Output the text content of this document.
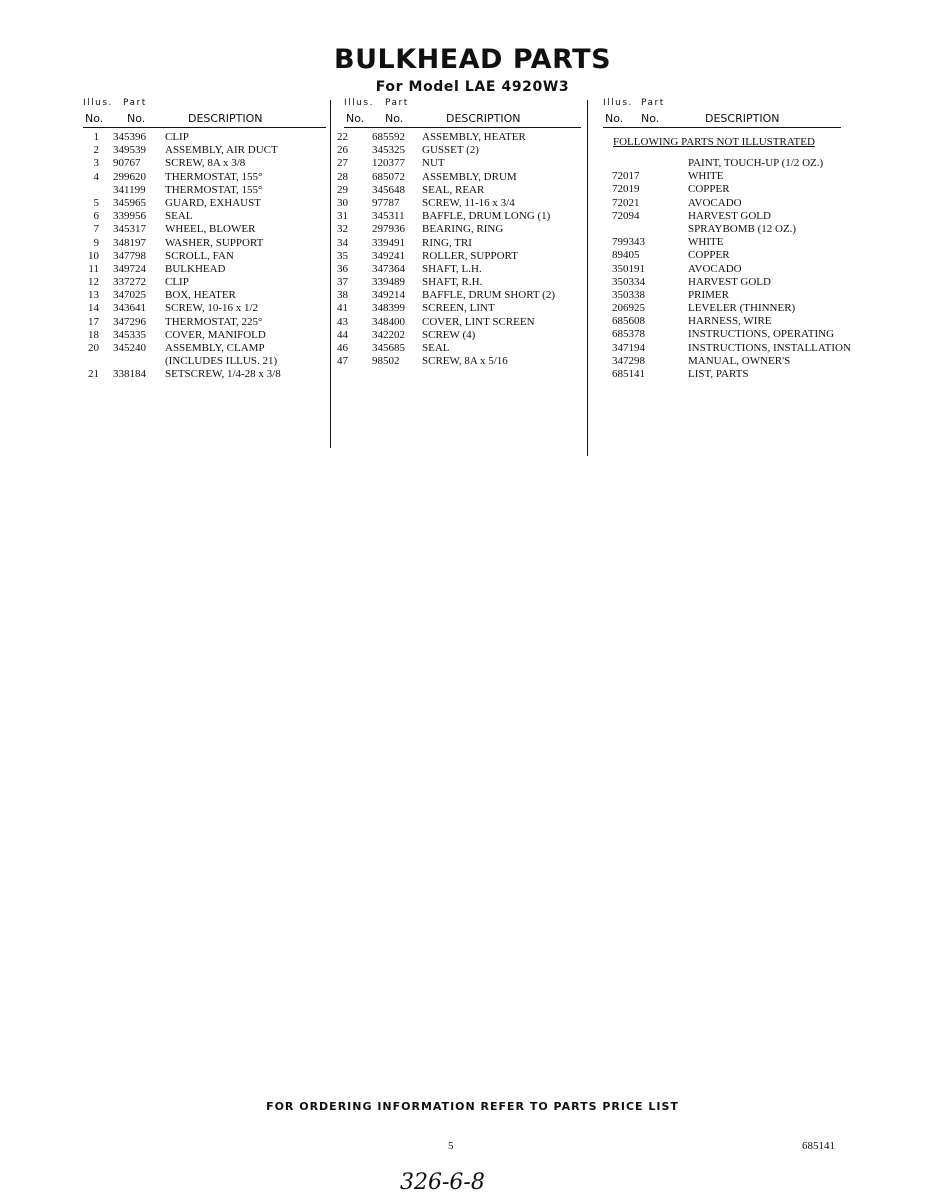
BULKHEAD PARTS
For Model LAE 4920W3
Illus. Part
No. No.	DESCRIPTION
1 345396 CLIP
2 349539 ASSEMBLY, AIR DUCT
3 90767 SCREW, 8A x 3/8
4 299620 THERMOSTAT, 155°
341199 THERMOSTAT, 155°
5 345965 GUARD, EXHAUST
6 339956 SEAL
7 345317 WHEEL, BLOWER
9 348197 WASHER, SUPPORT
10 347798 SCROLL, FAN
11 349724 BULKHEAD
12 337272 CLIP
13 347025 BOX, HEATER
14 343641 SCREW, 10-16 x 1/2
17 347296 THERMOSTAT, 225°
18 345335 COVER, MANIFOLD
20 345240 ASSEMBLY, CLAMP
(INCLUDES ILLUS. 21)
21 338184 SETSCREW, 1/4-28 x 3/8
Illus. Part
No. No.	DESCRIPTION
22 685592 ASSEMBLY, HEATER
26 345325 GUSSET (2)
27 120377 NUT
28 685072 ASSEMBLY, DRUM
29 345648 SEAL, REAR
30 97787 SCREW, 11-16 x 3/4
31 345311 BAFFLE, DRUM LONG (1)
32 297936 BEARING, RING
34 339491 RING, TRI
35 349241 ROLLER, SUPPORT
36 347364 SHAFT, L.H.
37 339489 SHAFT, R.H.
38 349214 BAFFLE, DRUM SHORT (2)
41 348399 SCREEN, LINT
43 348400 COVER, LINT SCREEN
44 342202 SCREW (4)
46 345685 SEAL
47 98502 SCREW, 8A x 5/16
Illus. Part
No. No.	DESCRIPTION
FOLLOWING PARTS NOT ILLUSTRATED
PAINT, TOUCH-UP (1/2 OZ.)
72017	WHITE
72019	COPPER
72021	AVOCADO
72094	HARVEST GOLD
SPRAYBOMB (12 OZ.)
799343	WHITE
89405	COPPER
350191	AVOCADO
350334	HARVEST GOLD
350338	PRIMER
206925	LEVELER (THINNER)
685608	HARNESS, WIRE
685378	INSTRUCTIONS, OPERATING
347194	INSTRUCTIONS, INSTALLATION
347298	MANUAL, OWNER'S
685141	LIST, PARTS
FOR ORDERING INFORMATION REFER TO PARTS PRICE LIST
5	685141
326-6-8
